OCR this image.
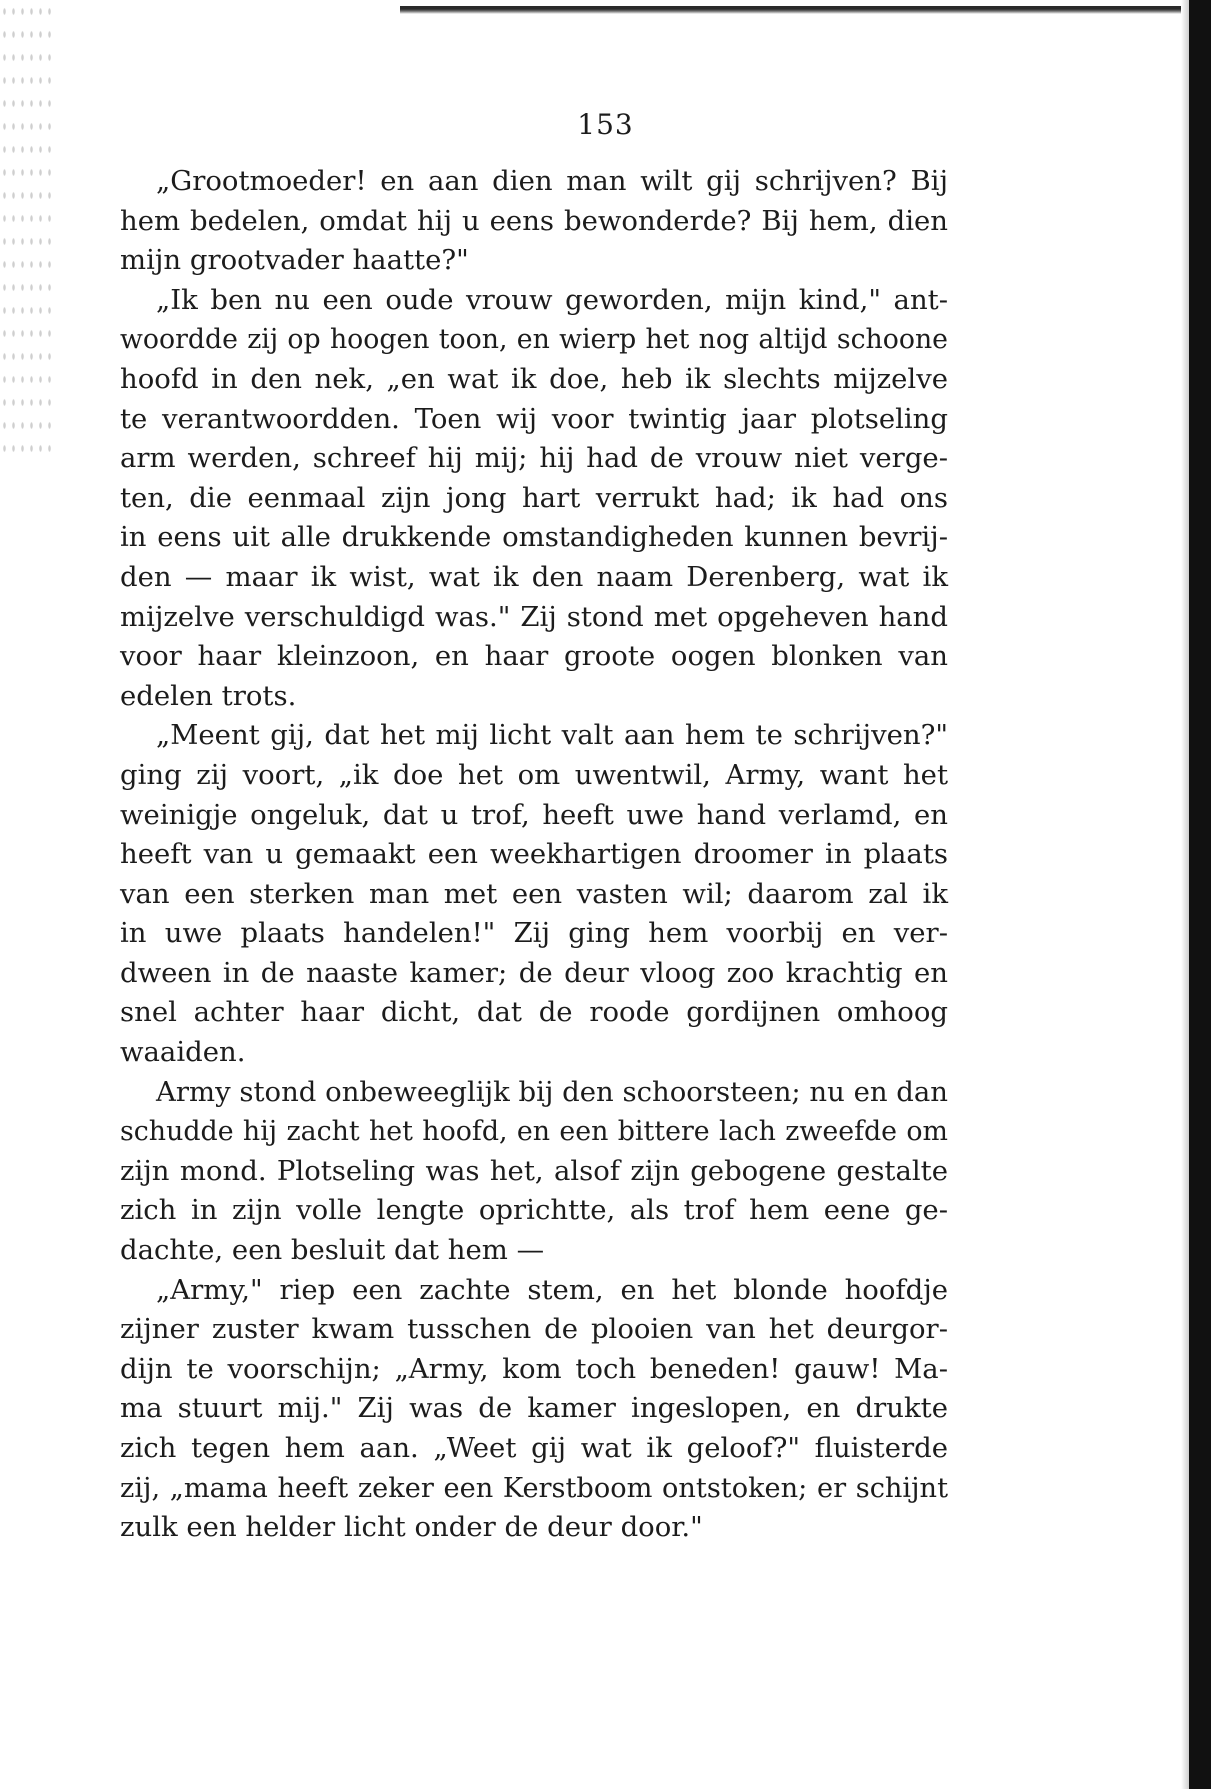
153
„Grootmoeder! en aan dien man wilt gij schrijven? Bij
hem bedelen, omdat hij u eens bewonderde? Bij hem, dien
mijn grootvader haatte?"
„Ik ben nu een oude vrouw geworden, mijn kind," ant-
woordde zij op hoogen toon, en wierp het nog altijd schoone
hoofd in den nek, „en wat ik doe, heb ik slechts mijzelve
te verantwoordden. Toen wij voor twintig jaar plotseling
arm werden, schreef hij mij; hij had de vrouw niet verge-
ten, die eenmaal zijn jong hart verrukt had; ik had ons
in eens uit alle drukkende omstandigheden kunnen bevrij-
den — maar ik wist, wat ik den naam Derenberg, wat ik
mijzelve verschuldigd was." Zij stond met opgeheven hand
voor haar kleinzoon, en haar groote oogen blonken van
edelen trots.
„Meent gij, dat het mij licht valt aan hem te schrijven?"
ging zij voort, „ik doe het om uwentwil, Army, want het
weinigje ongeluk, dat u trof, heeft uwe hand verlamd, en
heeft van u gemaakt een weekhartigen droomer in plaats
van een sterken man met een vasten wil; daarom zal ik
in uwe plaats handelen!" Zij ging hem voorbij en ver-
dween in de naaste kamer; de deur vloog zoo krachtig en
snel achter haar dicht, dat de roode gordijnen omhoog
waaiden.
Army stond onbeweeglijk bij den schoorsteen; nu en dan
schudde hij zacht het hoofd, en een bittere lach zweefde om
zijn mond. Plotseling was het, alsof zijn gebogene gestalte
zich in zijn volle lengte oprichtte, als trof hem eene ge-
dachte, een besluit dat hem —
„Army," riep een zachte stem, en het blonde hoofdje
zijner zuster kwam tusschen de plooien van het deurgor-
dijn te voorschijn; „Army, kom toch beneden! gauw! Ma-
ma stuurt mij." Zij was de kamer ingeslopen, en drukte
zich tegen hem aan. „Weet gij wat ik geloof?" fluisterde
zij, „mama heeft zeker een Kerstboom ontstoken; er schijnt
zulk een helder licht onder de deur door."
